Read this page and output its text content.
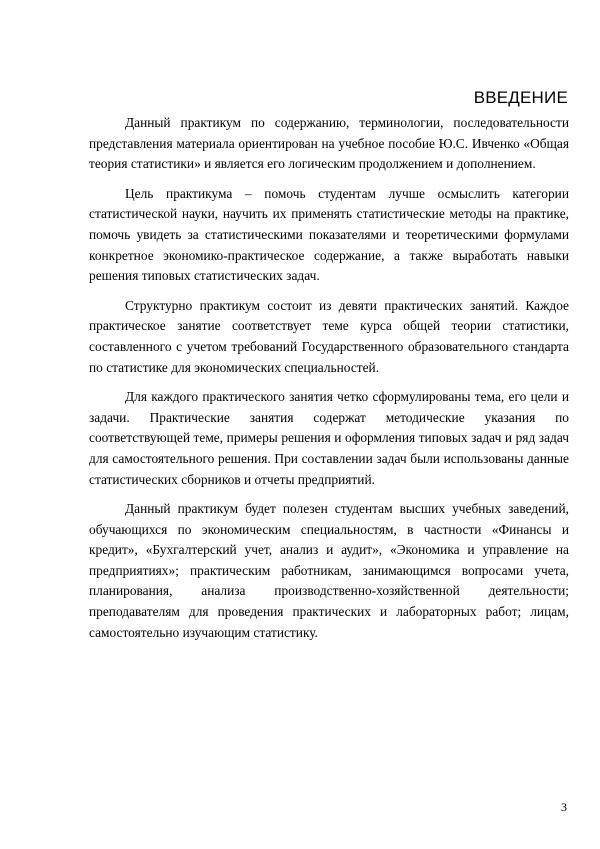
ВВЕДЕНИЕ

Данный практикум по содержанию, терминологии, последовательности представления материала ориентирован на учебное пособие Ю.С. Ивченко «Общая теория статистики» и является его логическим продолжением и дополнением.

Цель практикума – помочь студентам лучше осмыслить категории статистической науки, научить их применять статистические методы на практике, помочь увидеть за статистическими показателями и теоретическими формулами конкретное экономико-практическое содержание, а также выработать навыки решения типовых статистических задач.

Структурно практикум состоит из девяти практических занятий. Каждое практическое занятие соответствует теме курса общей теории статистики, составленного с учетом требований Государственного образовательного стандарта по статистике для экономических специальностей.

Для каждого практического занятия четко сформулированы тема, его цели и задачи. Практические занятия содержат методические указания по соответствующей теме, примеры решения и оформления типовых задач и ряд задач для самостоятельного решения. При составлении задач были использованы данные статистических сборников и отчеты предприятий.

Данный практикум будет полезен студентам высших учебных заведений, обучающихся по экономическим специальностям, в частности «Финансы и кредит», «Бухгалтерский учет, анализ и аудит», «Экономика и управление на предприятиях»; практическим работникам, занимающимся вопросами учета, планирования, анализа производственно-хозяйственной деятельности; преподавателям для проведения практических и лабораторных работ; лицам, самостоятельно изучающим статистику.

3
